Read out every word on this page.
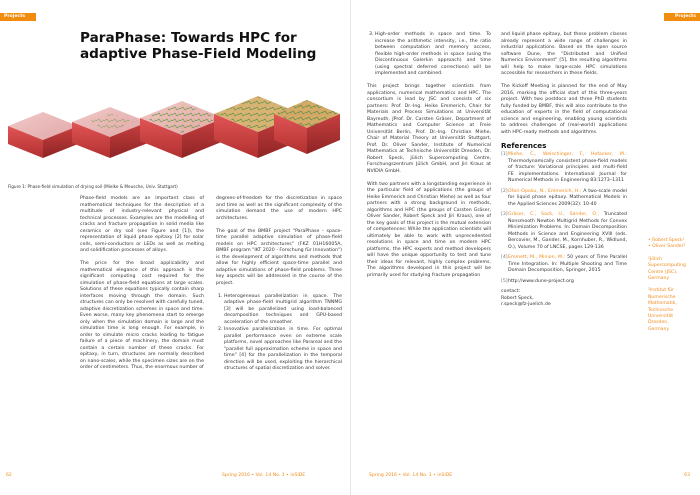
Projects
ParaPhase: Towards HPC for adaptive Phase-Field Modeling
Figure 1: Phase-field simulation of drying soil (Mielke & Meusche, Univ. Stuttgart)

Phase-field models are an important class of mathematical techniques for the description of a multitude of industry-relevant physical and technical processes. Examples are the modelling of cracks and fracture propagation in solid media like ceramics or dry soil (see Figure and [1]), the representation of liquid phase epitaxy [2] for solar cells, semi-conductors or LEDs as well as melting and solidification processes of alloys.

The price for the broad applicability and mathematical elegance of this approach is the significant computing cost required for the simulation of phase-field equations at large scales. Solutions of these equations typically contain sharp interfaces moving through the domain. Such structures can only be resolved with carefully tuned, adaptive discretization schemes in space and time. Even worse, many key phenomena start to emerge only when the simulation domain is large and the simulation time is long enough. For example, in order to simulate micro cracks leading to fatigue failure of a piece of machinery, the domain must contain a certain number of these cracks. For epitaxy, in turn, structures are normally described on nano-scales, while the specimen sizes are on the order of centimeters. Thus, the enormous number of

degrees-of-freedom for the discretization in space and time as well as the significant complexity of the simulation demand the use of modern HPC architectures.

The goal of the BMBF project "ParaPhase - space-time parallel adaptive simulation of phase-field models on HPC architectures" (FKZ 01H16005A, BMBF program "IKT 2020 - Forschung für Innovation") is the development of algorithms and methods that allow for highly efficient space-time parallel and adaptive simulations of phase-field problems. Three key aspects will be addressed in the course of the project.

1. Heterogeneous parallelization in space. The adaptive phase-field multigrid algorithm TNNMG [3] will be parallelized using load-balanced decomposition techniques and GPU-based acceleration of the smoother.
2. Innovative parallelization in time. For optimal parallel performance even on extreme scale platforms, novel approaches like Parareal and the "parallel full approximation scheme in space and time" [4] for the parallelization in the temporal direction will be used, exploiting the hierarchical structures of spatial discretization and solver.
62	Spring 2016 • Vol. 14 No. 1 • inSiDE
Projects
3. High-order methods in space and time. To increase the arithmetic intensity, i.e., the ratio between computation and memory access, flexible high-order methods in space (using the Discontinuous Galerkin approach) and time (using spectral deferred corrections) will be implemented and combined.

This project brings together scientists from applications, numerical mathematics and HPC. The consortium is lead by JSC and consists of six partners: Prof. Dr.-Ing. Heike Emmerich, Chair for Materials and Process Simulations at Universität Bayreuth, JProf. Dr. Carsten Gräser, Department of Mathematics and Computer Science at Freie Universität Berlin, Prof. Dr.-Ing. Christian Miehe, Chair of Material Theory at Universität Stuttgart, Prof. Dr. Oliver Sander, Institute of Numerical Mathematics at Technische Universität Dresden, Dr. Robert Speck, Jülich Supercomputing Centre, Forschungszentrum Jülich GmbH, and Jiri Kraus at NVIDIA GmbH.

With two partners with a longstanding experience in the particular field of applications (the groups of Heike Emmerich and Christian Miehe) as well as four partners with a strong background in methods, algorithms and HPC (the groups of Carsten Gräser, Oliver Sander, Robert Speck and Jiri Kraus), one of the key goals of this project is the mutual extension of competences: While the application scientists will ultimately be able to work with unprecedented resolutions in space and time on modern HPC platforms, the HPC experts and method developers will have the unique opportunity to test and tune their ideas for relevant, highly complex problems. The algorithms developed in this project will be primarily used for studying fracture propagation

and liquid phase epitaxy, but these problem classes already represent a wide range of challenges in industrial applications. Based on the open source software Dune, the "Distributed and Unified Numerics Environment" [5], the resulting algorithms will help to make large-scale HPC simulations accessible for researchers in these fields.

The Kickoff Meeting is planned for the end of May 2016, marking the official start of this three-years project. With two postdocs and three PhD students fully funded by BMBF, this will also contribute to the education of experts in the field of computational science and engineering, enabling young scientists to address challenges of (real-world) applications with HPC-ready methods and algorithms.

References
[1] Miehe, C., Welschinger, F., Hofacker, M.: Thermodynamically consistent phase-field models of fracture: Variational principles and multi-field FE implementations. International Journal for Numerical Methods in Engineering 83:1273–1311
[2] Ofori-Opoku, N., Emmerich, H.: A two-scale model for liquid phase epitaxy. Mathematical Models in the Applied Sciences 2009(32): 10-40
[3] Gräser, C., Sack, U., Sander, O.: Truncated Nonsmooth Newton Multigrid Methods for Convex Minimization Problems. In: Domain Decomposition Methods in Science and Engineering XVIII (eds. Bercovier, M., Gander, M., Kornhuber, R., Widlund, O.), Volume 70 of LNCSE, pages 129-136
[4] Emmett, M., Minion, M.: 50 years of Time Parallel Time Integration. In: Multiple Shooting and Time Domain Decomposition, Springer, 2015
[5] http://www.dune-project.org
contact:
Robert Speck,
r.speck@fz-juelich.de
• Robert Speck¹
• Oliver Sander²
¹Jülich
Supercomputing
Centre (JSC),
Germany
²Institut für
Numerische
Mathematik,
Technische
Universität
Dresden,
Germany
Spring 2016 • Vol. 14 No. 1 • inSiDE	63
